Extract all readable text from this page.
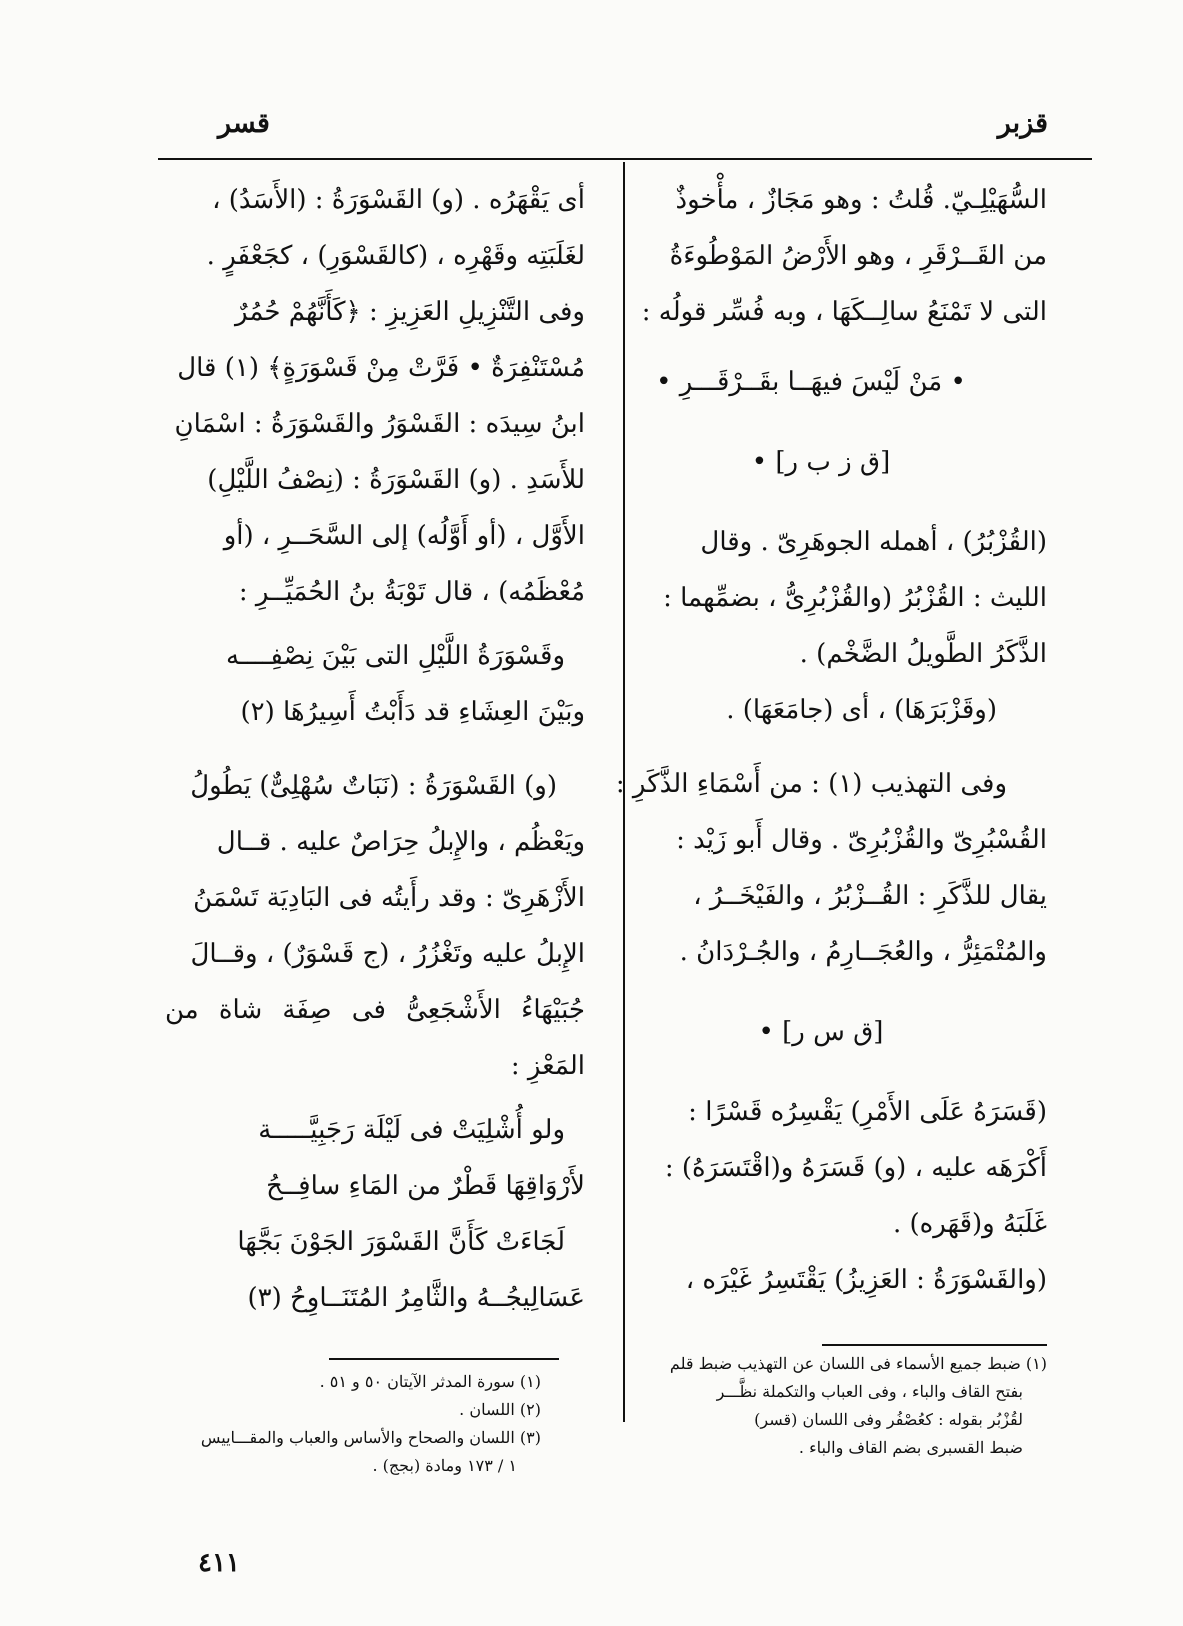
قزبر
قسر

السُّهَيْلِـيّ. قُلتُ : وهو مَجَازٌ ، مأْخوذٌ

من القَــرْقَرِ ، وهو الأَرْضُ المَوْطُوءَةُ

التى لا تَمْنَعُ سالِــكَهَا ، وبه فُسِّر قولُه :

• مَنْ لَيْسَ فيهَــا بقَــرْقَـــرِ •

[ق ز ب ر] •

(القُزْبُرُ) ، أهمله الجوهَرِىّ . وقال

الليث : القُزْبُرُ (والقُزْبُرِىُّ ، بضمِّهما :

الذَّكَرُ الطَّويلُ الضَّخْم) .

(وقَزْبَرَهَا) ، أى (جامَعَهَا) .

وفى التهذيب (١) : من أَسْمَاءِ الذَّكَرِ :

القُسْبُرِىّ والقُزْبُرِىّ . وقال أَبو زَيْد :

يقال للذَّكَرِ : القُــزْبُرُ ، والفَيْخَــرُ ،

والمُتْمَئِرُّ ، والعُجَــارِمُ ، والجُـرْدَانُ .

[ق س ر] •

(قَسَرَهُ عَلَى الأَمْرِ) يَقْسِرُه قَسْرًا :

أَكْرَهَه عليه ، (و) قَسَرَهُ و(اقْتَسَرَهُ) :

غَلَبَهُ و(قَهَره) .

(والقَسْوَرَةُ : العَزِيزُ) يَقْتَسِرُ غَيْرَه ،

أى يَقْهَرُه . (و) القَسْوَرَةُ : (الأَسَدُ) ،

لغَلَبَتِه وقَهْرِه ، (كالقَسْوَرِ) ، كجَعْفَرٍ .

وفى التَّنْزِيلِ العَزِيزِ : ﴿كَأَنَّهُمْ حُمُرٌ

مُسْتَنْفِرَةٌ • فَرَّتْ مِنْ قَسْوَرَةٍ﴾ (١) قال

ابنُ سِيدَه : القَسْوَرُ والقَسْوَرَةُ : اسْمَانِ

للأَسَدِ . (و) القَسْوَرَةُ : (نِصْفُ اللَّيْلِ)

الأَوَّل ، (أو أَوَّلُه) إلى السَّحَــرِ ، (أو

مُعْظَمُه) ، قال تَوْبَةُ بنُ الحُمَيِّــرِ :

وقَسْوَرَةُ اللَّيْلِ التى بَيْنَ نِصْفِــــه

وبَيْنَ العِشَاءِ قد دَأَبْتُ أَسِيرُهَا (٢)

(و) القَسْوَرَةُ : (نَبَاتٌ سُهْلِىٌّ) يَطُولُ

ويَعْظُم ، والإِبلُ حِرَاصٌ عليه . قــال

الأَزْهَرِىّ : وقد رأَيتُه فى البَادِيَة تَسْمَنُ

الإِبلُ عليه وتَغْزُرُ ، (ج قَسْوَرٌ) ، وقــالَ

جُبَيْهَاءُ الأَشْجَعِىُّ فى صِفَة شاة من المَعْزِ :

ولو أُشْلِيَتْ فى لَيْلَة رَجَبِيَّـــــة

لأَرْوَاقِهَا قَطْرٌ من المَاءِ سافِــحُ

لَجَاءَتْ كَأَنَّ القَسْوَرَ الجَوْنَ بَجَّهَا

عَسَالِيجُــهُ والثَّامِرُ المُتَنَــاوِحُ (٣)

(١) ضبط جميع الأسماء فى اللسان عن التهذيب ضبط قلم
بفتح القاف والباء ، وفى العباب والتكملة نظَّـــر
لقُزْبُر بقوله : كعُصْفُر وفى اللسان (قسر)
ضبط القسبرى بضم القاف والباء .
(١) سورة المدثر الآيتان ٥٠ و ٥١ .
(٢) اللسان .
(٣) اللسان والصحاح والأساس والعباب والمقـــاييس
١ / ١٧٣ ومادة (بجج) .
٤١١
